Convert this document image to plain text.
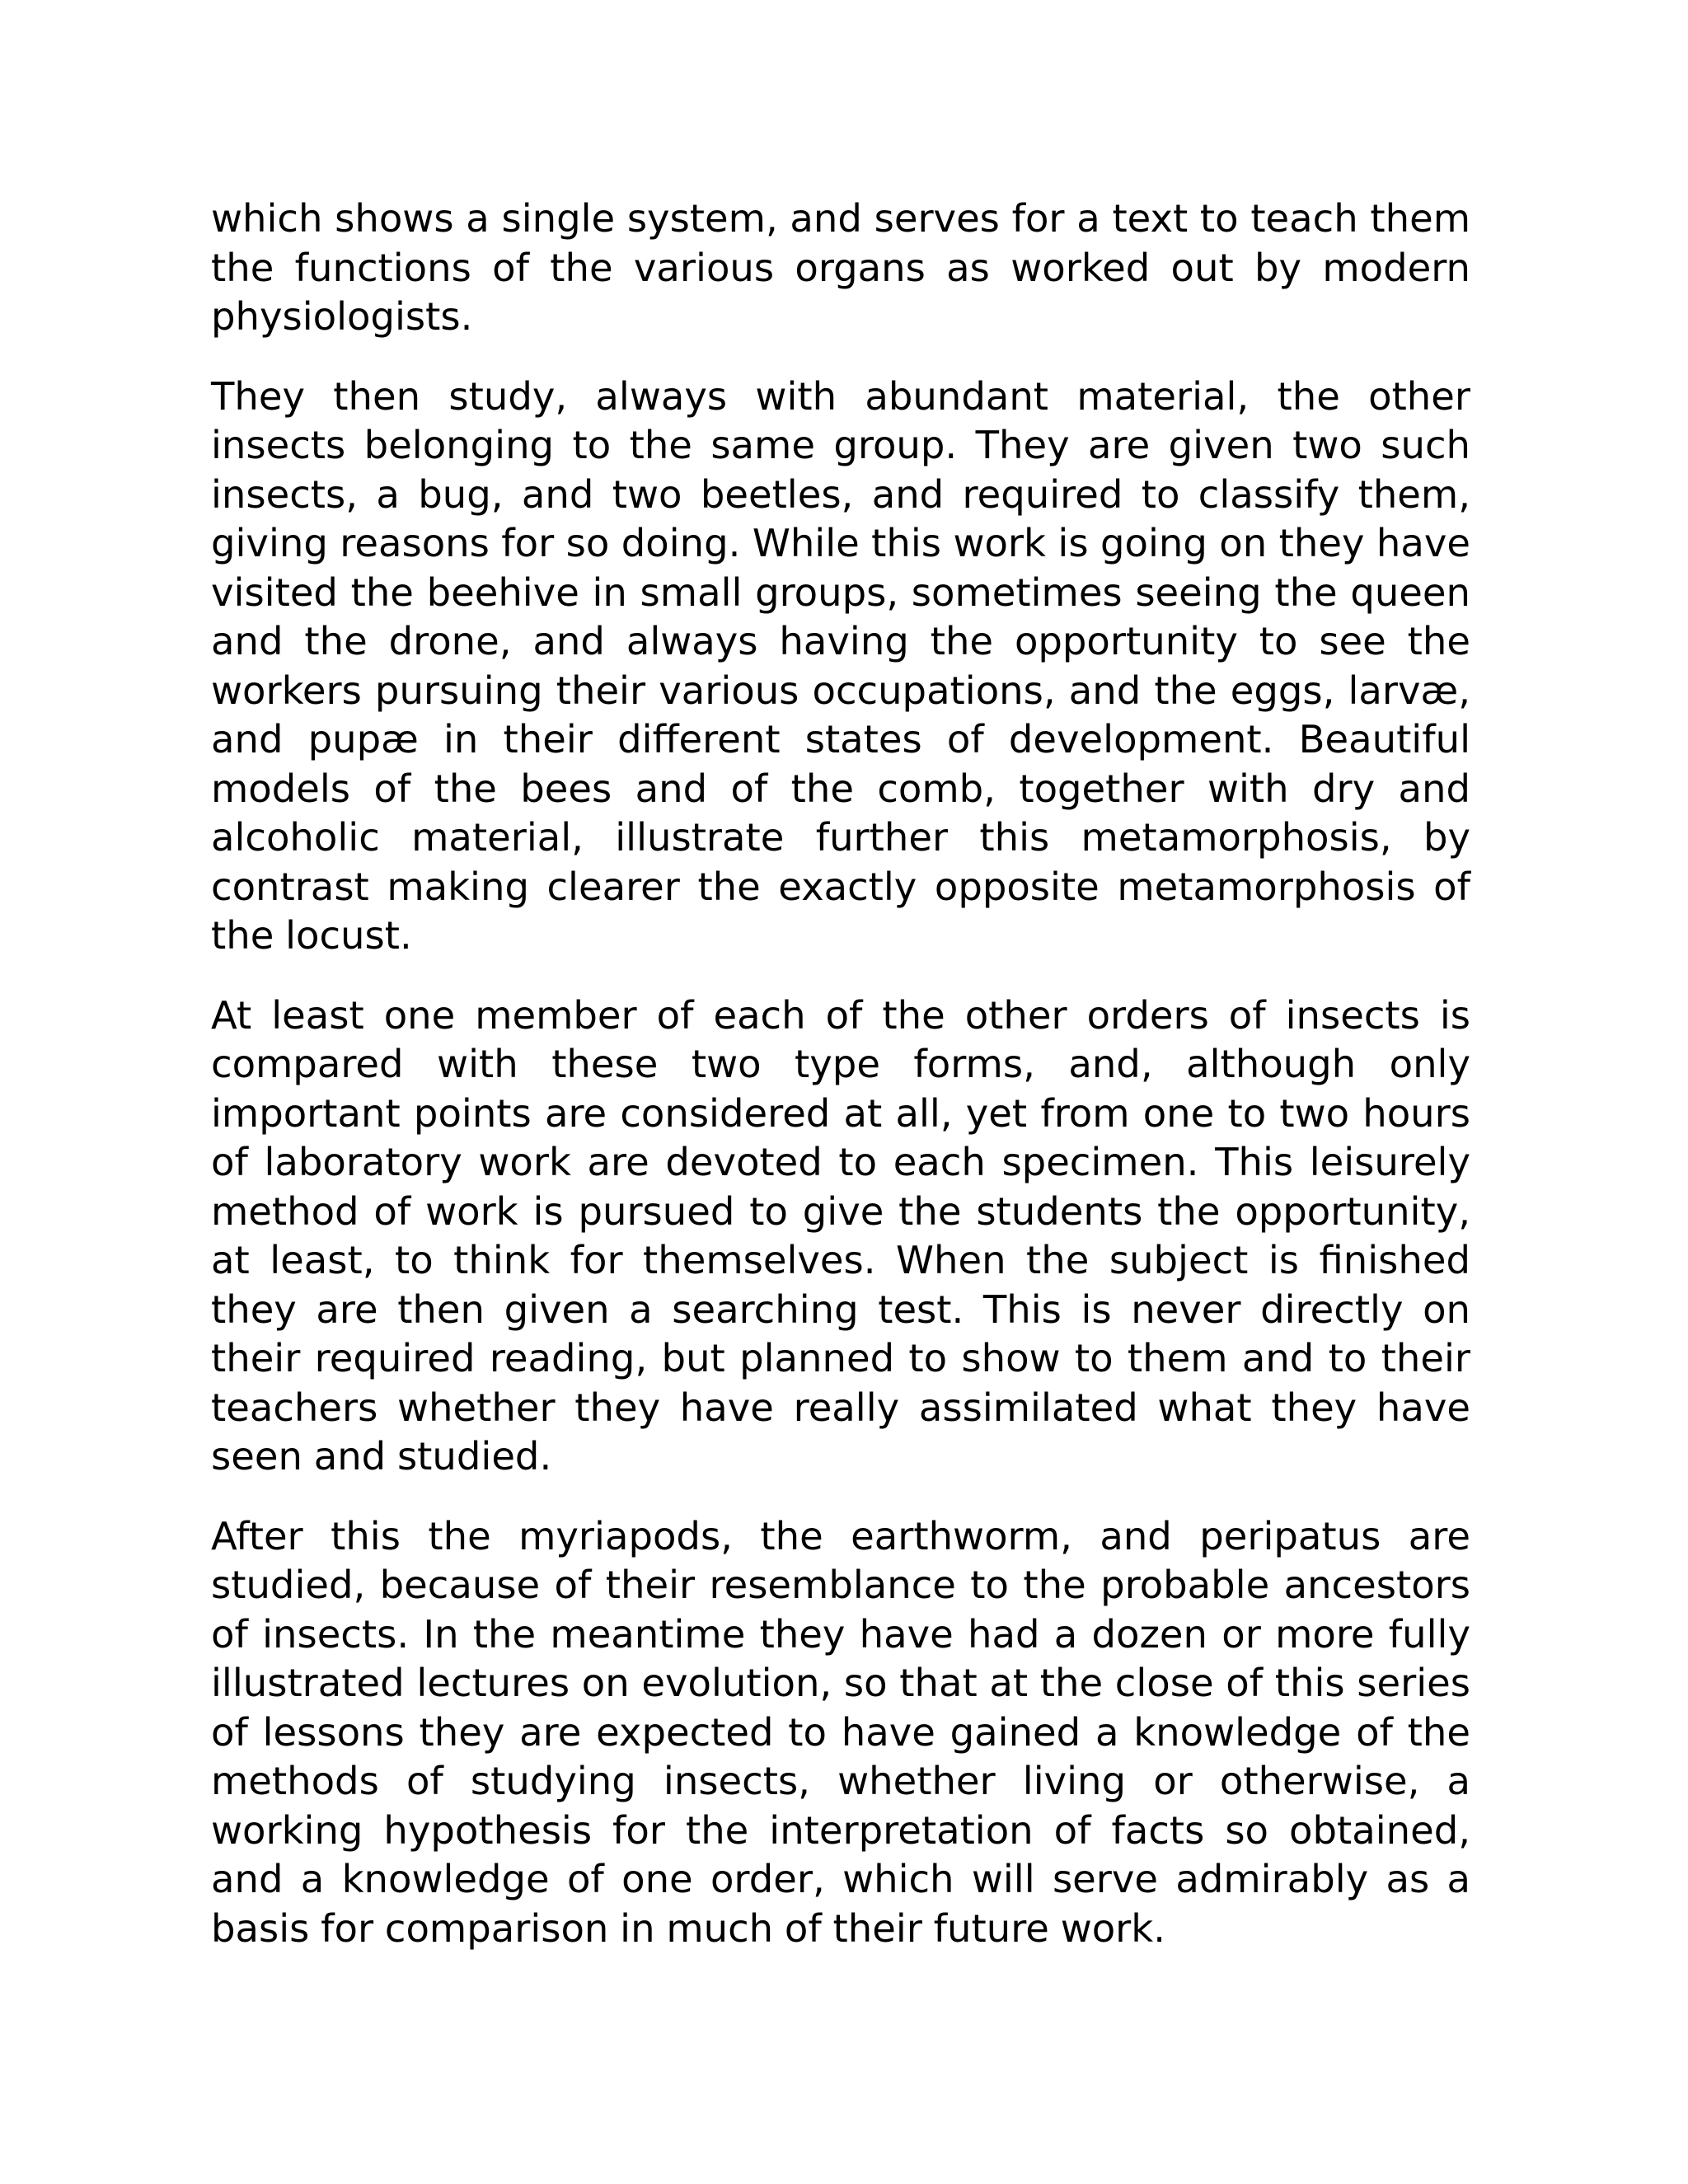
which shows a single system, and serves for a text to teach them the functions of the various organs as worked out by modern physiologists.

They then study, always with abundant material, the other insects belonging to the same group. They are given two such insects, a bug, and two beetles, and required to classify them, giving reasons for so doing. While this work is going on they have visited the beehive in small groups, sometimes seeing the queen and the drone, and always having the opportunity to see the workers pursuing their various occupations, and the eggs, larvæ, and pupæ in their different states of development. Beautiful models of the bees and of the comb, together with dry and alcoholic material, illustrate further this metamorphosis, by contrast making clearer the exactly opposite metamorphosis of the locust.

At least one member of each of the other orders of insects is compared with these two type forms, and, although only important points are considered at all, yet from one to two hours of laboratory work are devoted to each specimen. This leisurely method of work is pursued to give the students the opportunity, at least, to think for themselves. When the subject is finished they are then given a searching test. This is never directly on their required reading, but planned to show to them and to their teachers whether they have really assimilated what they have seen and studied.

After this the myriapods, the earthworm, and peripatus are studied, because of their resemblance to the probable ancestors of insects. In the meantime they have had a dozen or more fully illustrated lectures on evolution, so that at the close of this series of lessons they are expected to have gained a knowledge of the methods of studying insects, whether living or otherwise, a working hypothesis for the interpretation of facts so obtained, and a knowledge of one order, which will serve admirably as a basis for comparison in much of their future work.
